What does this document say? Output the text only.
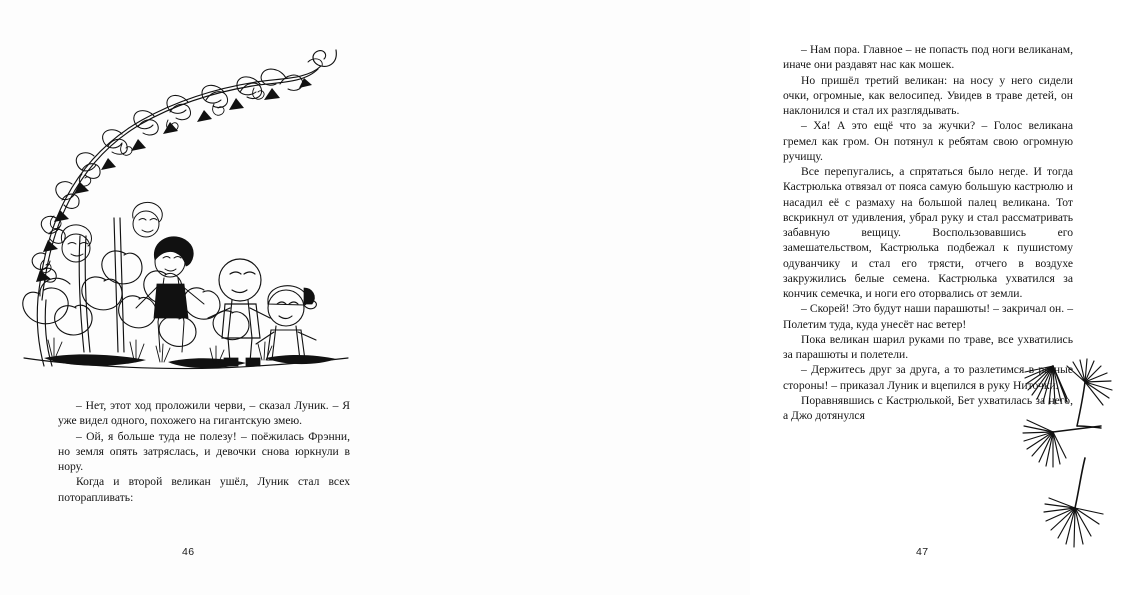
– Нет, этот ход проложили черви, – сказал Луник. – Я уже видел одного, похожего на гигантскую змею.

– Ой, я больше туда не полезу! – поёжилась Фрэнни, но земля опять затряслась, и девочки снова юркнули в нору.

Когда и второй великан ушёл, Луник стал всех поторапливать:

46

– Нам пора. Главное – не попасть под ноги великанам, иначе они раздавят нас как мошек.

Но пришёл третий великан: на носу у него сидели очки, огромные, как велосипед. Увидев в траве детей, он наклонился и стал их разглядывать.

– Ха! А это ещё что за жучки? – Голос великана гремел как гром. Он потянул к ребятам свою огромную ручищу.

Все перепугались, а спрятаться было негде. И тогда Кастрюлька отвязал от пояса самую большую кастрюлю и насадил её с размаху на большой палец великана. Тот вскрикнул от удивления, убрал руку и стал рассматривать забавную вещицу. Воспользовавшись его замешательством, Кастрюлька подбежал к пушистому одуванчику и стал его трясти, отчего в воздухе закружились белые семена. Кастрюлька ухватился за кончик семечка, и ноги его оторвались от земли.

– Скорей! Это будут наши парашюты! – закричал он. – Полетим туда, куда унесёт нас ветер!

Пока великан шарил руками по траве, все ухватились за парашюты и полетели.

– Держитесь друг за друга, а то разлетимся в разные стороны! – приказал Луник и вцепился в руку Ниточки.

Поравнявшись с Кастрюлькой, Бет ухватилась за него, а Джо дотянулся

47
